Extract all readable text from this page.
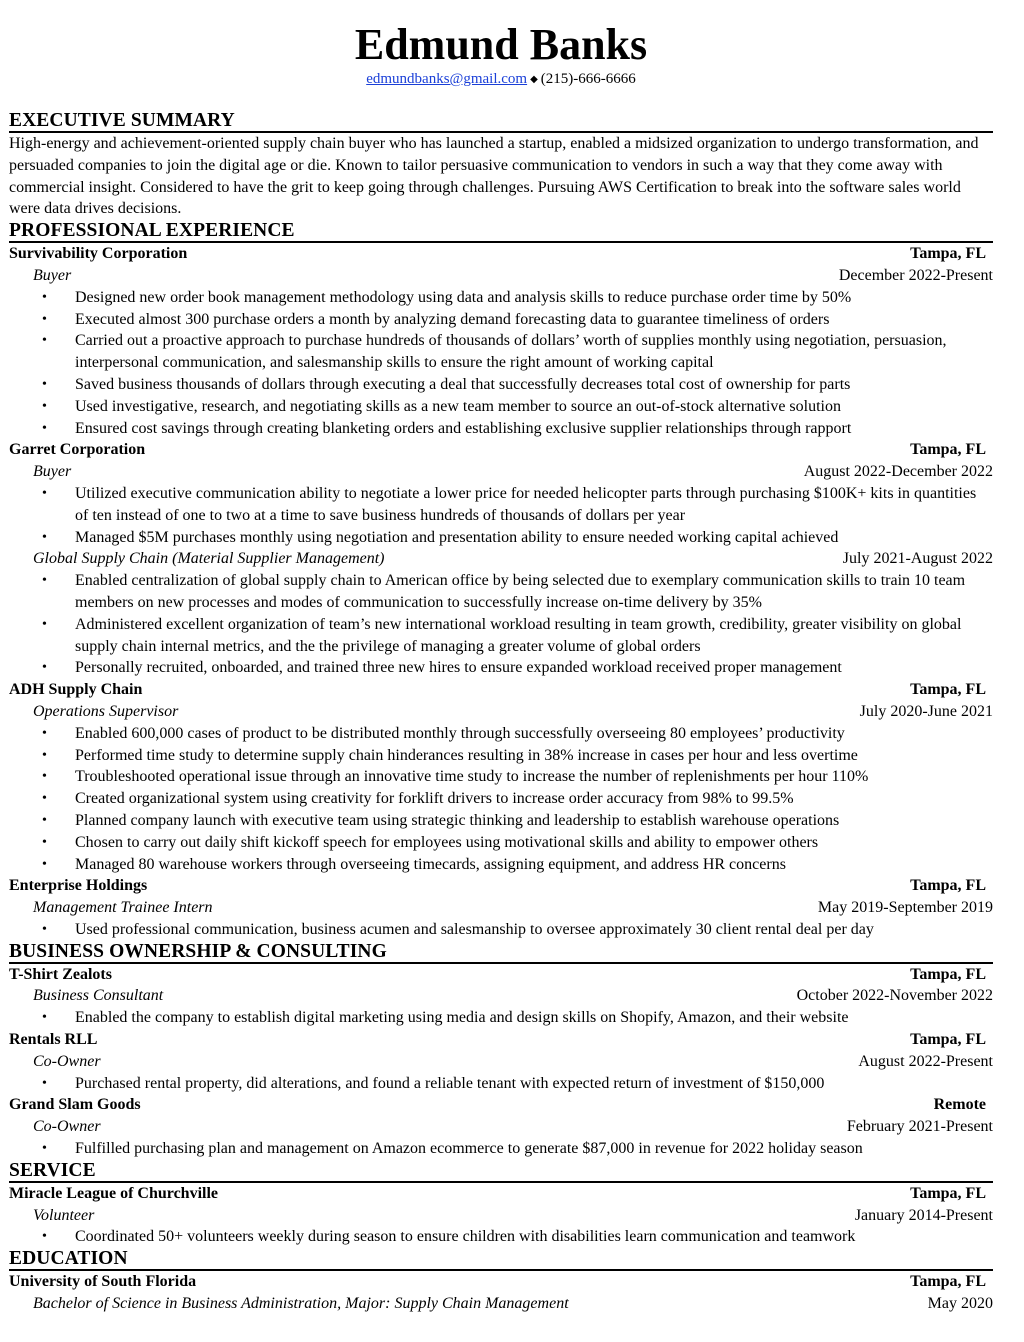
Edmund Banks
edmundbanks@gmail.com ◆ (215)-666-6666
EXECUTIVE SUMMARY

High-energy and achievement-oriented supply chain buyer who has launched a startup, enabled a midsized organization to undergo transformation, and persuaded companies to join the digital age or die. Known to tailor persuasive communication to vendors in such a way that they come away with commercial insight. Considered to have the grit to keep going through challenges. Pursuing AWS Certification to break into the software sales world were data drives decisions.

PROFESSIONAL EXPERIENCE
Survivability Corporation	Tampa, FL
Buyer	December 2022-Present
• Designed new order book management methodology using data and analysis skills to reduce purchase order time by 50%
• Executed almost 300 purchase orders a month by analyzing demand forecasting data to guarantee timeliness of orders
• Carried out a proactive approach to purchase hundreds of thousands of dollars’ worth of supplies monthly using negotiation, persuasion, interpersonal communication, and salesmanship skills to ensure the right amount of working capital
• Saved business thousands of dollars through executing a deal that successfully decreases total cost of ownership for parts
• Used investigative, research, and negotiating skills as a new team member to source an out-of-stock alternative solution
• Ensured cost savings through creating blanketing orders and establishing exclusive supplier relationships through rapport
Garret Corporation	Tampa, FL
Buyer	August 2022-December 2022
• Utilized executive communication ability to negotiate a lower price for needed helicopter parts through purchasing $100K+ kits in quantities of ten instead of one to two at a time to save business hundreds of thousands of dollars per year
• Managed $5M purchases monthly using negotiation and presentation ability to ensure needed working capital achieved
Global Supply Chain (Material Supplier Management)	July 2021-August 2022
• Enabled centralization of global supply chain to American office by being selected due to exemplary communication skills to train 10 team members on new processes and modes of communication to successfully increase on-time delivery by 35%
• Administered excellent organization of team’s new international workload resulting in team growth, credibility, greater visibility on global supply chain internal metrics, and the the privilege of managing a greater volume of global orders
• Personally recruited, onboarded, and trained three new hires to ensure expanded workload received proper management
ADH Supply Chain	Tampa, FL
Operations Supervisor	July 2020-June 2021
• Enabled 600,000 cases of product to be distributed monthly through successfully overseeing 80 employees’ productivity
• Performed time study to determine supply chain hinderances resulting in 38% increase in cases per hour and less overtime
• Troubleshooted operational issue through an innovative time study to increase the number of replenishments per hour 110%
• Created organizational system using creativity for forklift drivers to increase order accuracy from 98% to 99.5%
• Planned company launch with executive team using strategic thinking and leadership to establish warehouse operations
• Chosen to carry out daily shift kickoff speech for employees using motivational skills and ability to empower others
• Managed 80 warehouse workers through overseeing timecards, assigning equipment, and address HR concerns
Enterprise Holdings	Tampa, FL
Management Trainee Intern	May 2019-September 2019
• Used professional communication, business acumen and salesmanship to oversee approximately 30 client rental deal per day
BUSINESS OWNERSHIP & CONSULTING
T-Shirt Zealots	Tampa, FL
Business Consultant	October 2022-November 2022
• Enabled the company to establish digital marketing using media and design skills on Shopify, Amazon, and their website
Rentals RLL	Tampa, FL
Co-Owner	August 2022-Present
• Purchased rental property, did alterations, and found a reliable tenant with expected return of investment of $150,000
Grand Slam Goods	Remote
Co-Owner	February 2021-Present
• Fulfilled purchasing plan and management on Amazon ecommerce to generate $87,000 in revenue for 2022 holiday season
SERVICE
Miracle League of Churchville	Tampa, FL
Volunteer	January 2014-Present
• Coordinated 50+ volunteers weekly during season to ensure children with disabilities learn communication and teamwork
EDUCATION
University of South Florida	Tampa, FL
Bachelor of Science in Business Administration, Major: Supply Chain Management	May 2020
